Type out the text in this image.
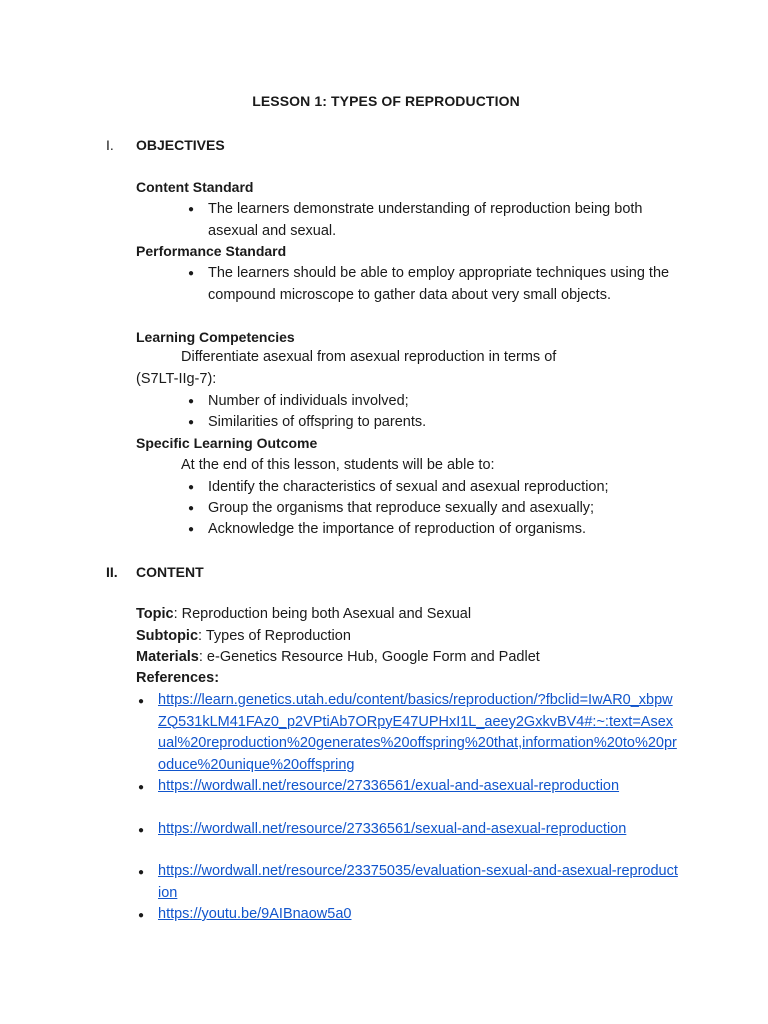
LESSON 1: TYPES OF REPRODUCTION
I. OBJECTIVES
Content Standard
● The learners demonstrate understanding of reproduction being both asexual and sexual.
Performance Standard
● The learners should be able to employ appropriate techniques using the compound microscope to gather data about very small objects.
Learning Competencies
Differentiate asexual from asexual reproduction in terms of
(S7LT-IIg-7):
● Number of individuals involved;
● Similarities of offspring to parents.
Specific Learning Outcome
At the end of this lesson, students will be able to:
● Identify the characteristics of sexual and asexual reproduction;
● Group the organisms that reproduce sexually and asexually;
● Acknowledge the importance of reproduction of organisms.
II. CONTENT
Topic: Reproduction being both Asexual and Sexual
Subtopic: Types of Reproduction
Materials: e-Genetics Resource Hub, Google Form and Padlet
References:
● https://learn.genetics.utah.edu/content/basics/reproduction/?fbclid=IwAR0_xbpwZQ531kLM41FAz0_p2VPtiAb7ORpyE47UPHxI1L_aeey2GxkvBV4#:~:text=Asexual%20reproduction%20generates%20offspring%20that,information%20to%20produce%20unique%20offspring
● https://wordwall.net/resource/27336561/exual-and-asexual-reproduction
● https://wordwall.net/resource/27336561/sexual-and-asexual-reproduction
● https://wordwall.net/resource/23375035/evaluation-sexual-and-asexual-reproduction
● https://youtu.be/9AIBnaow5a0
